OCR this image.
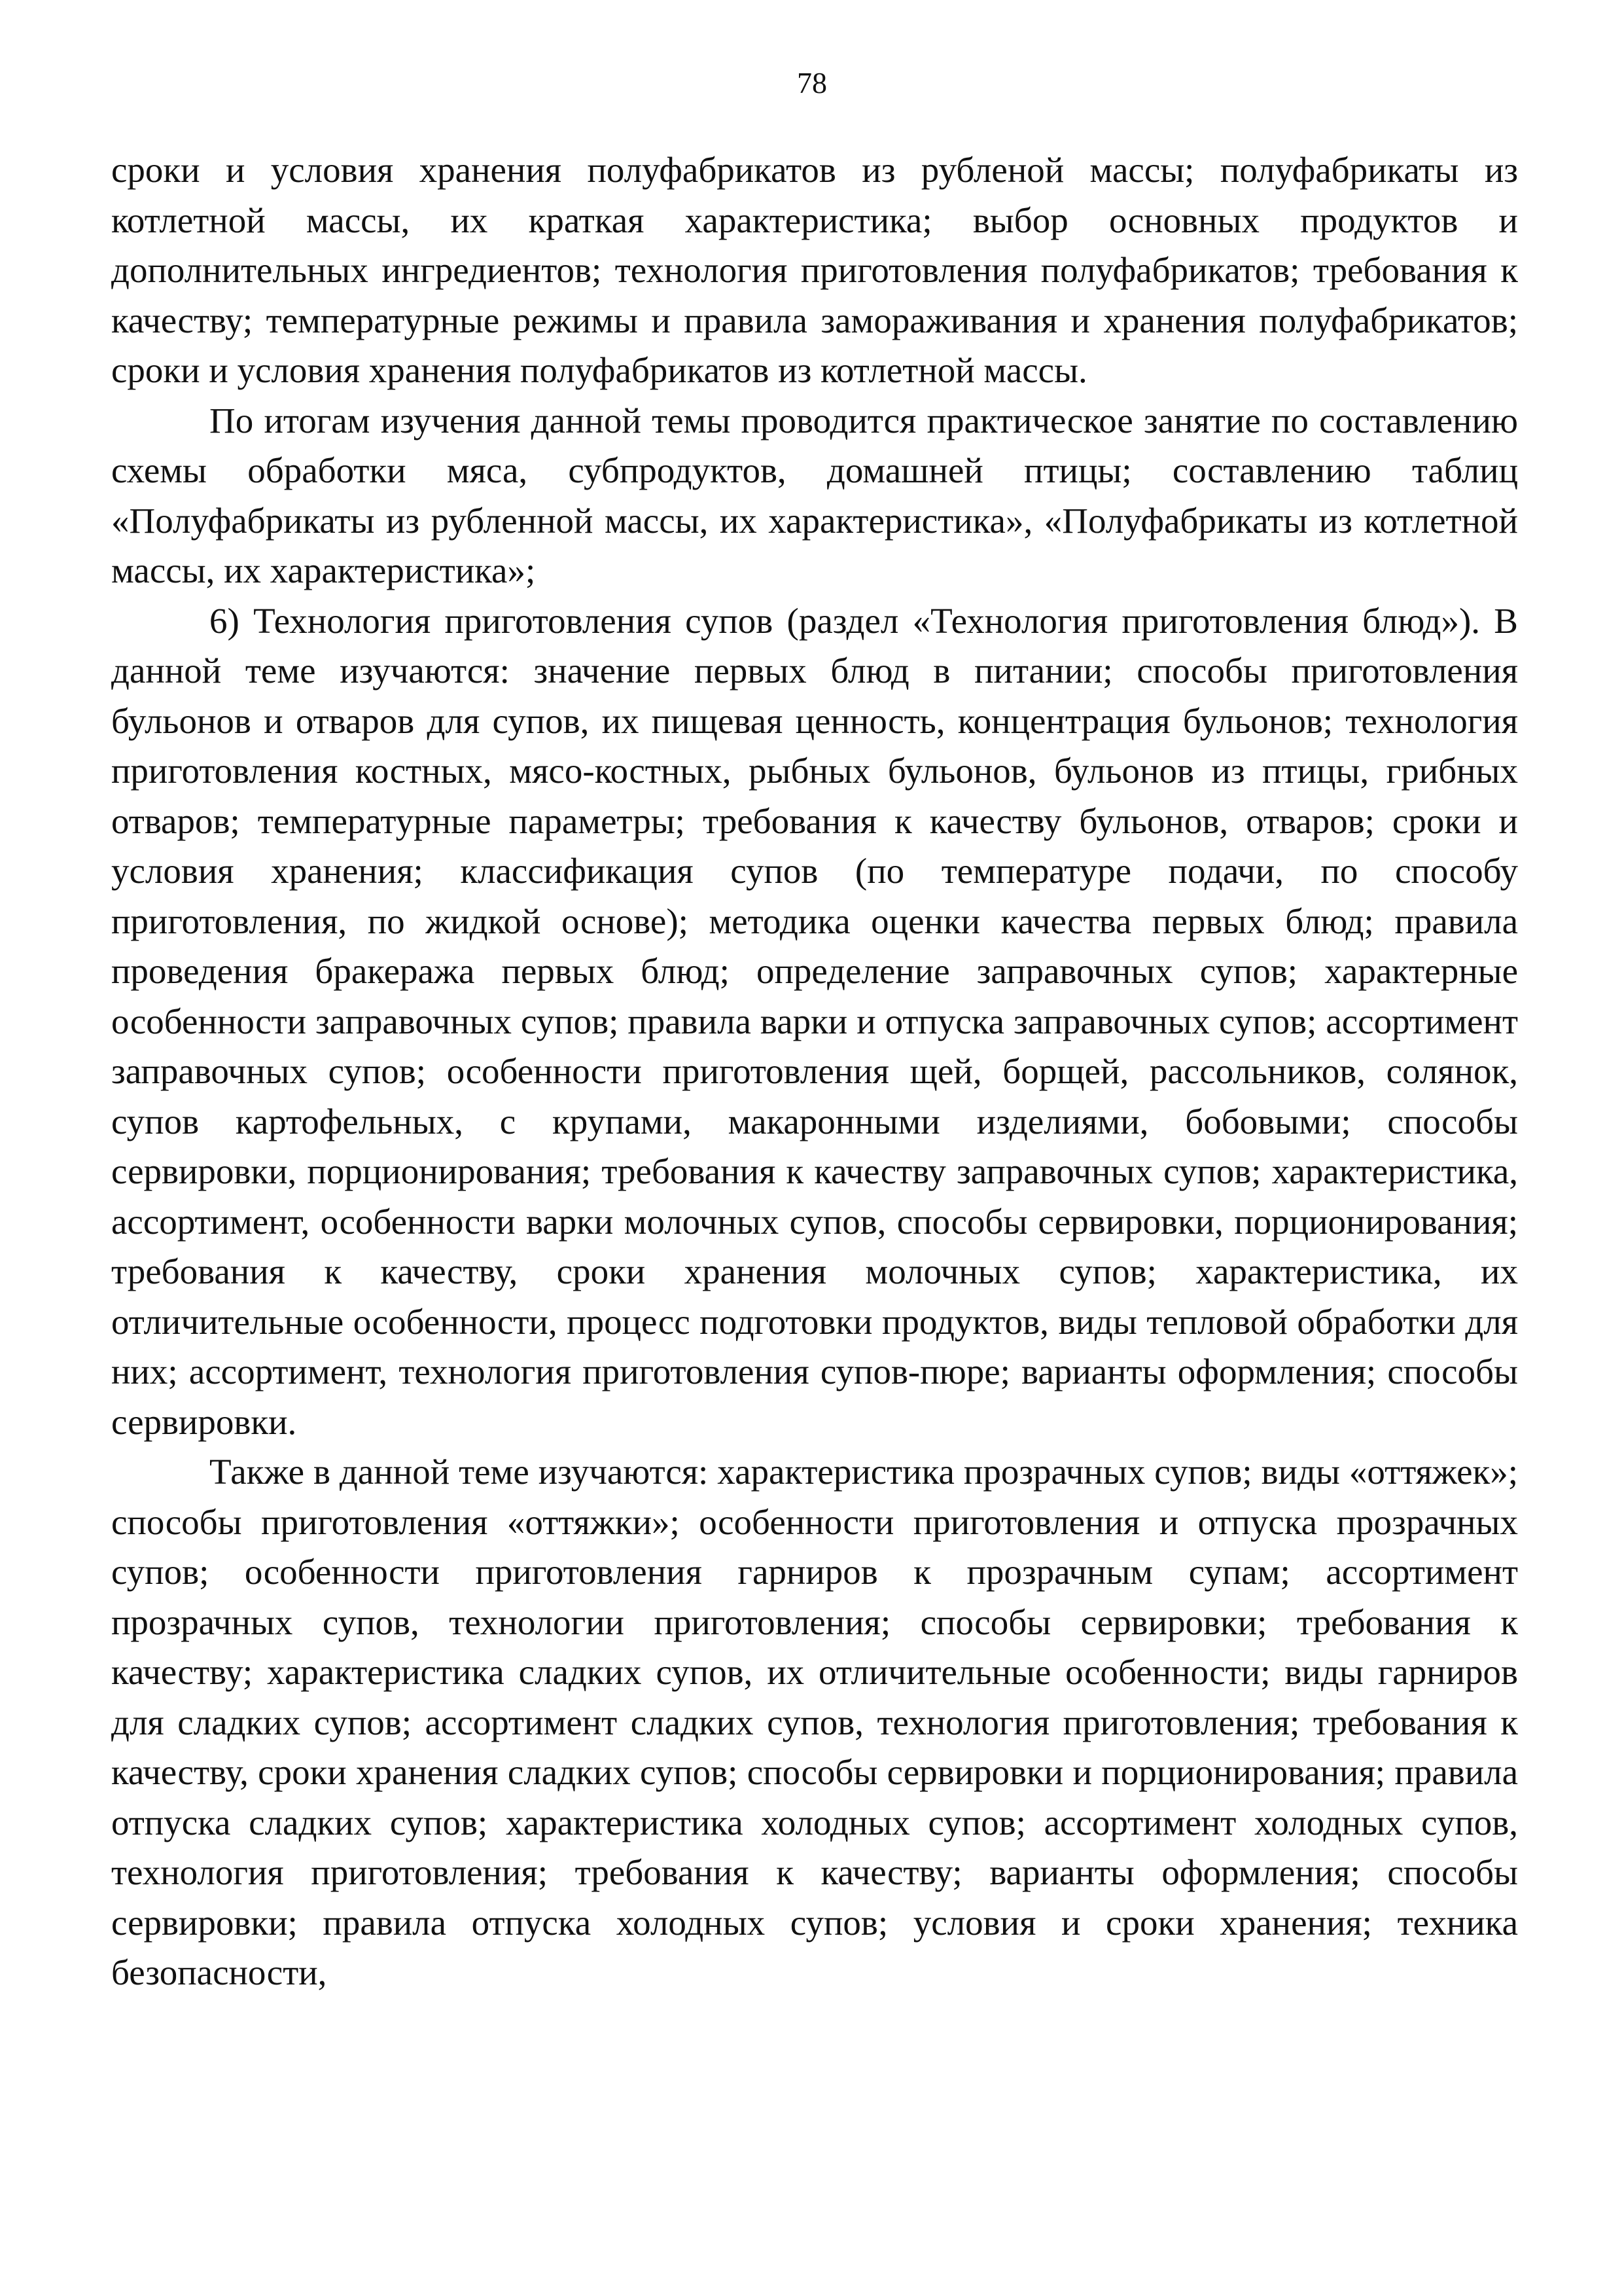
78

сроки и условия хранения полуфабрикатов из рубленой массы; полуфабрикаты из котлетной массы, их краткая характеристика; выбор основных продуктов и дополнительных ингредиентов; технология приготовления полуфабрикатов; требования к качеству; температурные режимы и правила замораживания и хранения полуфабрикатов; сроки и условия хранения полуфабрикатов из котлетной массы.

По итогам изучения данной темы проводится практическое занятие по составлению схемы обработки мяса, субпродуктов, домашней птицы; составлению таблиц «Полуфабрикаты из рубленной массы, их характеристика», «Полуфабрикаты из котлетной массы, их характеристика»;

6) Технология приготовления супов (раздел «Технология приготовления блюд»). В данной теме изучаются: значение первых блюд в питании; способы приготовления бульонов и отваров для супов, их пищевая ценность, концентрация бульонов; технология приготовления костных, мясо-костных, рыбных бульонов, бульонов из птицы, грибных отваров; температурные параметры; требования к качеству бульонов, отваров; сроки и условия хранения; классификация супов (по температуре подачи, по способу приготовления, по жидкой основе); методика оценки качества первых блюд; правила проведения бракеража первых блюд; определение заправочных супов; характерные особенности заправочных супов; правила варки и отпуска заправочных супов; ассортимент заправочных супов; особенности приготовления щей, борщей, рассольников, солянок, супов картофельных, с крупами, макаронными изделиями, бобовыми; способы сервировки, порционирования; требования к качеству заправочных супов; характеристика, ассортимент, особенности варки молочных супов, способы сервировки, порционирования; требования к качеству, сроки хранения молочных супов; характеристика, их отличительные особенности, процесс подготовки продуктов, виды тепловой обработки для них; ассортимент, технология приготовления супов-пюре; варианты оформления; способы сервировки.

Также в данной теме изучаются: характеристика прозрачных супов; виды «оттяжек»; способы приготовления «оттяжки»; особенности приготовления и отпуска прозрачных супов; особенности приготовления гарниров к прозрачным супам; ассортимент прозрачных супов, технологии приготовления; способы сервировки; требования к качеству; характеристика сладких супов, их отличительные особенности; виды гарниров для сладких супов; ассортимент сладких супов, технология приготовления; требования к качеству, сроки хранения сладких супов; способы сервировки и порционирования; правила отпуска сладких супов; характеристика холодных супов; ассортимент холодных супов, технология приготовления; требования к качеству; варианты оформления; способы сервировки; правила отпуска холодных супов; условия и сроки хранения; техника безопасности,
